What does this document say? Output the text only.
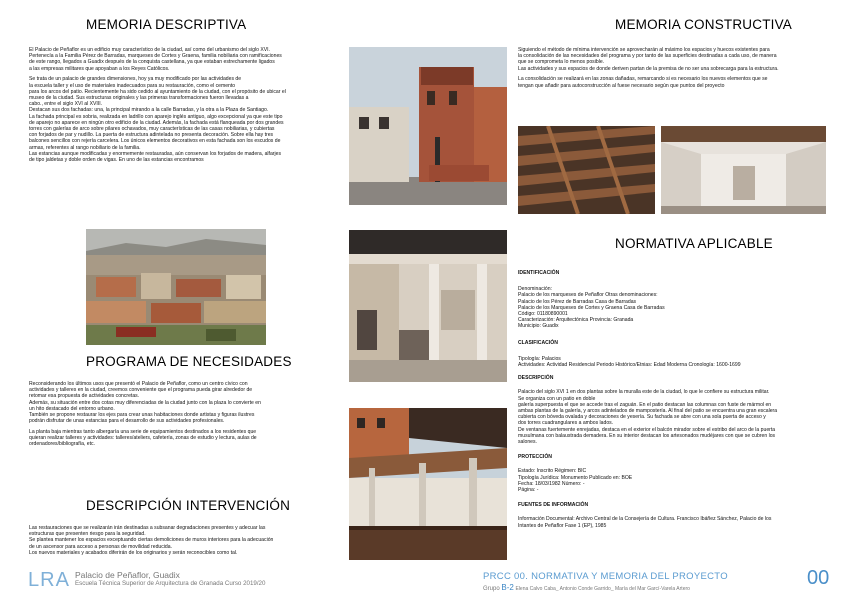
MEMORIA DESCRIPTIVA

El Palacio de Peñaflor es un edificio muy característico de la ciudad, así como del urbanismo del siglo XVI.
Pertenecía a la Familia Pérez de Barradas, marqueses de Cortes y Graena, familia nobiliaria con ramificaciones
de este rango, llegados a Guadix después de la conquista castellana, ya que estaban estrechamente ligados
a las empresas militares que apoyaban a los Reyes Católicos.

Se trata de un palacio de grandes dimensiones, hoy ya muy modificado por las actividades de
la escuela taller y el uso de materiales inadecuados para su restauración, como el cemento
para los arcos del patio. Recientemente ha sido cedido al ayuntamiento de la ciudad, con el propósito de ubicar el
museo de la ciudad. Sus estructuras originales y las primeras transformaciones fueron llevadas a
cabo., entre el siglo XVI al XVIII.
Destacan sus dos fachadas: una, la principal mirando a la calle Barradas, y la otra a la Plaza de Santiago.
La fachada principal es sobria, realizada en ladrillo con aparejo inglés antiguo, algo excepcional ya que este tipo
de aparejo no aparece en ningún otro edificio de la ciudad. Además, la fachada está flanqueada por dos grandes
torres con galerías de arco sobre pilares ochavados, muy características de las casas nobiliarias, y cubiertas
con forjados de par y nudillo. La puerta de estructura adintelada no presenta decoración. Sobre ella hay tres
balcones sencillos con rejería carcelera. Los únicos elementos decorativos en esta fachada son los escudos de
armas, referentes al rango nobiliario de la familia.
Las estancias aunque modificadas y enormemente restauradas, aún conservan los forjados de madera, alfarjes
de tipo jaldetas y doble orden de vigas. En uno de las estancias encontramos

PROGRAMA DE NECESIDADES

Reconsiderando los últimos usos que presentó el Palacio de Peñaflor, como un centro cívico con
actividades y talleres en la ciudad, creemos conveniente que el programa pueda girar alrededor de
retomar esa propuesta de actividades concretas.
Además, su situación entre dos cotas muy diferenciadas de la ciudad junto con la plaza lo convierte en
un hito destacado del entorno urbano.
También se propone restaurar los ejes para crear unas habitaciones donde artistas y figuras ilustres
podrán disfrutar de unas estancias para el desarrollo de sus actividades profesionales.

La planta baja mientras tanto albergaría una serie de equipamientos destinados a los residentes que
quieran realizar talleres y actividades: talleres/ateliers, cafetería, zonas de estudio y lectura, aulas de
ordenadores/bibliografía, etc.

DESCRIPCIÓN INTERVENCIÓN

Las restauraciones que se realizarán irán destinadas a subsanar degradaciones presentes y adecuar las
estructuras que presenten riesgo para la seguridad.
Se plantea mantener los espacios exceptuando ciertas demoliciones de muros interiores para la adecuación
de un ascensor para acceso a personas de movilidad reducida.
Los nuevos materiales y acabados diferirán de los originarios y serán reconocibles como tal.

MEMORIA CONSTRUCTIVA

Siguiendo el método de mínima intervención se aprovecharán al máximo los espacios y huecos existentes para
la consolidación de las necesidades del programa y por tanto de las superficies destinadas a cada uso, de manera
que se comprometa lo menos posible.
Las actividades y sus espacios de donde deriven partan de la premisa de no ser una sobrecarga para la estructura.

La consolidación se realizará en las zonas dañadas, remarcando si es necesario los nuevos elementos que se
tengan que añadir para autoconstrucción al fuese necesario según que puntos del proyecto

NORMATIVA APLICABLE

IDENTIFICACIÓN

Denominación:
Palacio de los marqueses de Peñaflor Otras denominaciones:
Palacio de los Pérez de Barradas Casa de Barradas
Palacio de los Marqueses de Cortes y Graena Casa de Barradas
Código: 01180890001
Caracterización: Arquitectónica Provincia: Granada
Municipio: Guadix

CLASIFICACIÓN

Tipología: Palacios
Actividades: Actividad Residencial Periodo Histórico/Etnias: Edad Moderna Cronología: 1600-1699

DESCRIPCIÓN

Palacio del siglo XVI 1 en dos plantas sobre la muralla este de la ciudad, lo que le confiere su estructura militar.
Se organiza con un patio en doble
galería superpuesta el que se accede tras el zaguán. En el patio destacan las columnas con fuste de mármol en
ambas plantas de la galería, y arcos adintelados de mampostería. Al final del patio se encuentra una gran escalera
cubierta con bóveda ovalada y decoraciones de yesería. Su fachada se abre con una sola puerta de acceso y
dos torres cuadrangulares a ambos lados.
De ventanas fuertemente enrejadas, destaca en el exterior el balcón mirador sobre el estribo del arco de la puerta
musulmana con balaustrada demadera. En su interior destacan los artesonados mudéjares con que se cubren los
salones.

PROTECCIÓN

Estado: Inscrito Régimen: BIC
Tipología Jurídica: Monumento Publicado en: BOE
Fecha: 18/03/1982 Número: -
Página: -

FUENTES DE INFORMACIÓN

Información Documental: Archivo Central de la Consejería de Cultura. Francisco Ibáñez Sánchez, Palacio de los
Intantes de Peñaflor Fase 1 (EP), 1985

LRA Palacio de Peñaflor, Guadix
Escuela Técnica Superior de Arquitectura de Granada Curso 2019/20
PRCC 00. NORMATIVA Y MEMORIA DEL PROYECTO
Grupo B-2 Elena Calvo Caba_ Antonio Conde Garrido_ María del Mar Garcí-Varela Artero	00
